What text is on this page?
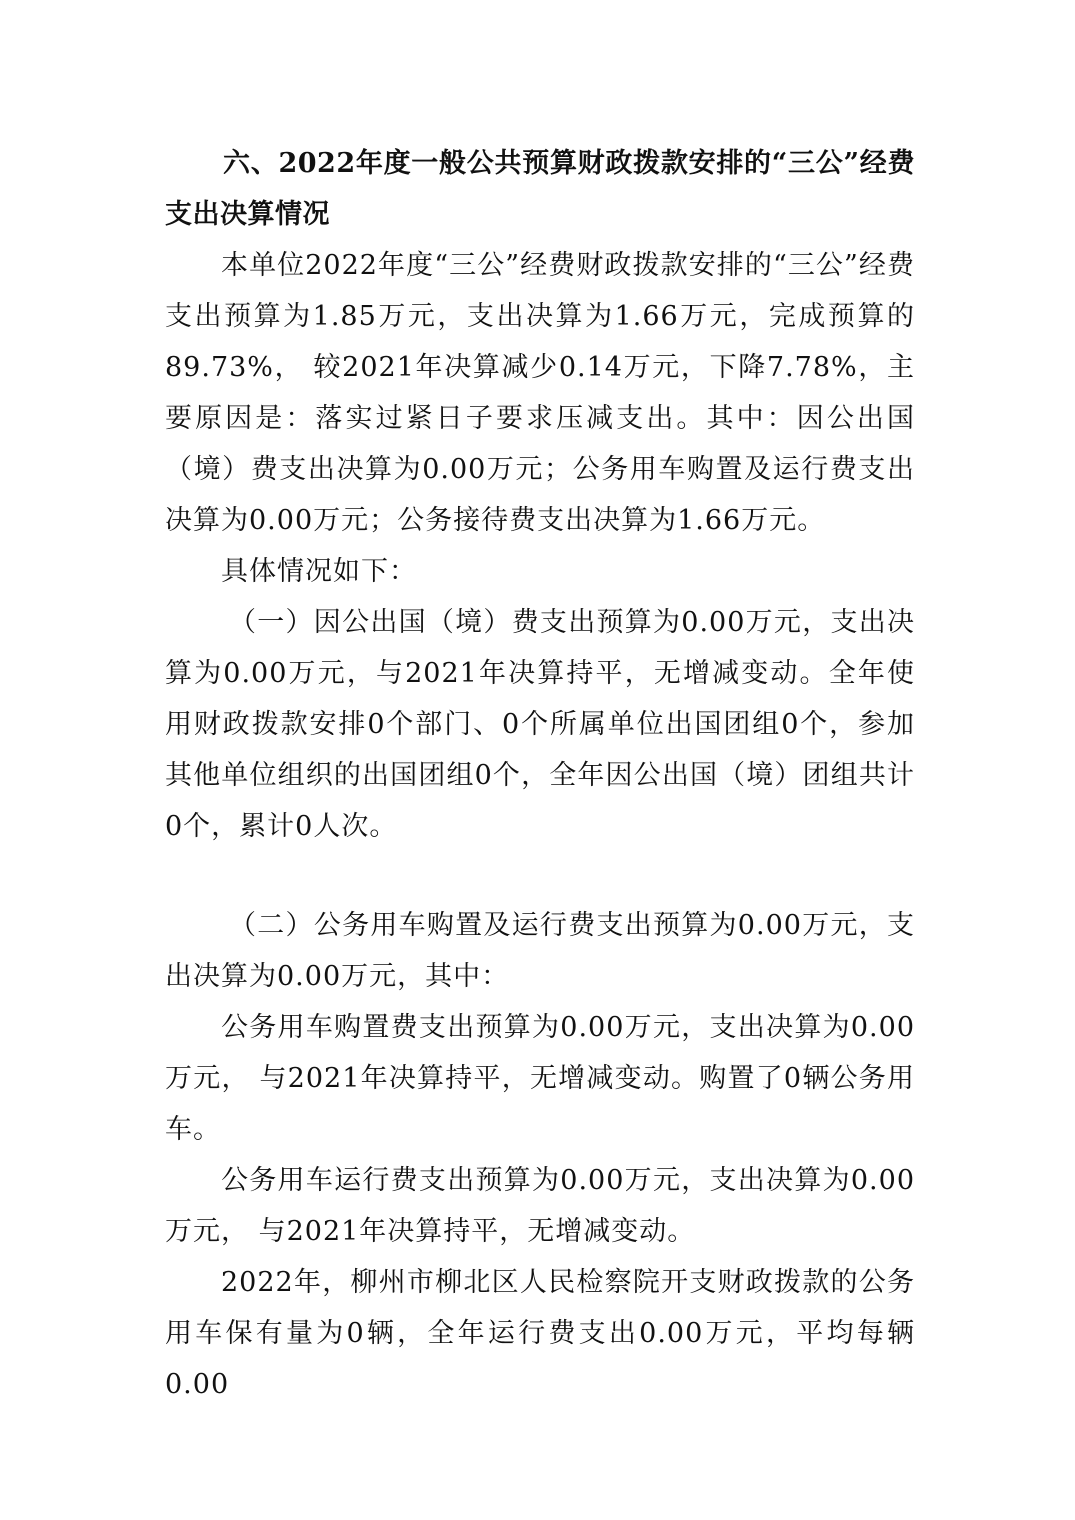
六、2022年度一般公共预算财政拨款安排的“三公”经费支出决算情况

本单位2022年度“三公”经费财政拨款安排的“三公”经费支出预算为1.85万元，支出决算为1.66万元，完成预算的89.73%， 较2021年决算减少0.14万元，下降7.78%，主要原因是：落实过紧日子要求压减支出。其中：因公出国（境）费支出决算为0.00万元；公务用车购置及运行费支出决算为0.00万元；公务接待费支出决算为1.66万元。

具体情况如下：

（一）因公出国（境）费支出预算为0.00万元，支出决算为0.00万元，与2021年决算持平，无增减变动。全年使用财政拨款安排0个部门、0个所属单位出国团组0个，参加其他单位组织的出国团组0个，全年因公出国（境）团组共计0个，累计0人次。

（二）公务用车购置及运行费支出预算为0.00万元，支出决算为0.00万元，其中：

公务用车购置费支出预算为0.00万元，支出决算为0.00万元， 与2021年决算持平，无增减变动。购置了0辆公务用车。

公务用车运行费支出预算为0.00万元，支出决算为0.00万元， 与2021年决算持平，无增减变动。

2022年，柳州市柳北区人民检察院开支财政拨款的公务用车保有量为0辆，全年运行费支出0.00万元，平均每辆0.00
